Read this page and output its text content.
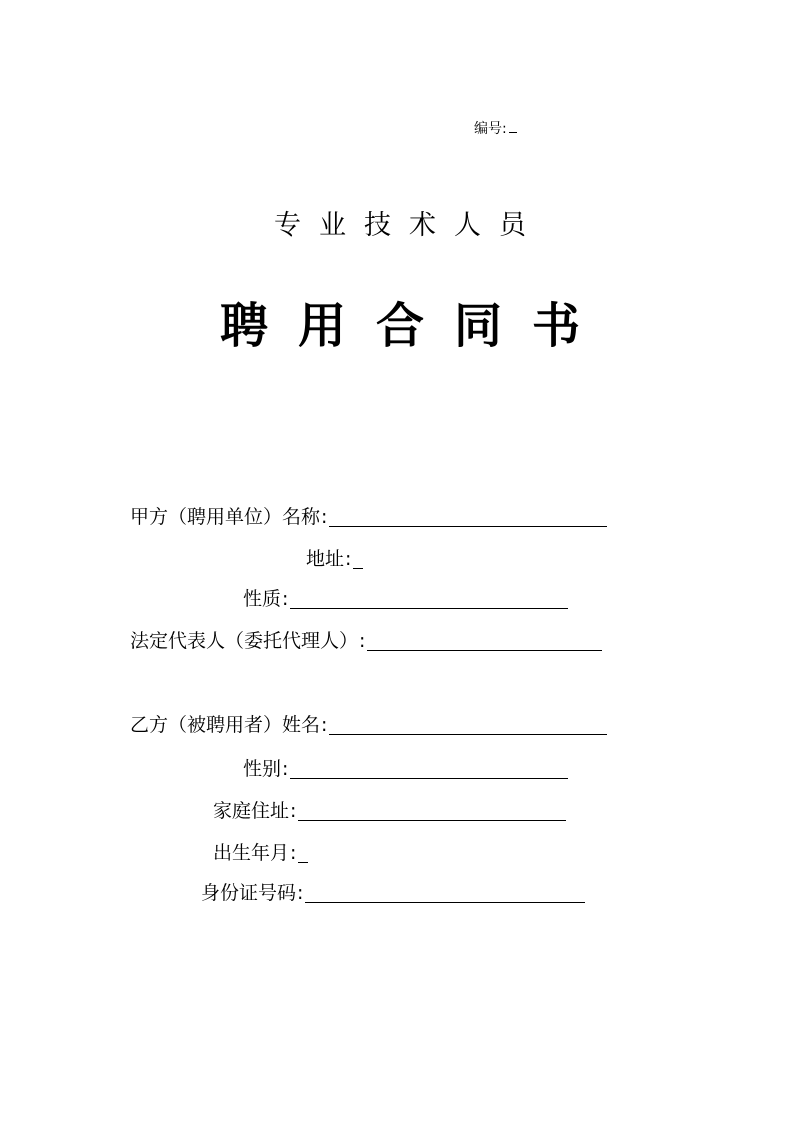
编号:
专业技术人员
聘用合同书
甲方（聘用单位）名称 :
地址 :
性质 :
法定代表人（委托代理人） :
乙方（被聘用者）姓名 :
性别 :
家庭住址 :
出生年月 :
身份证号码 :
